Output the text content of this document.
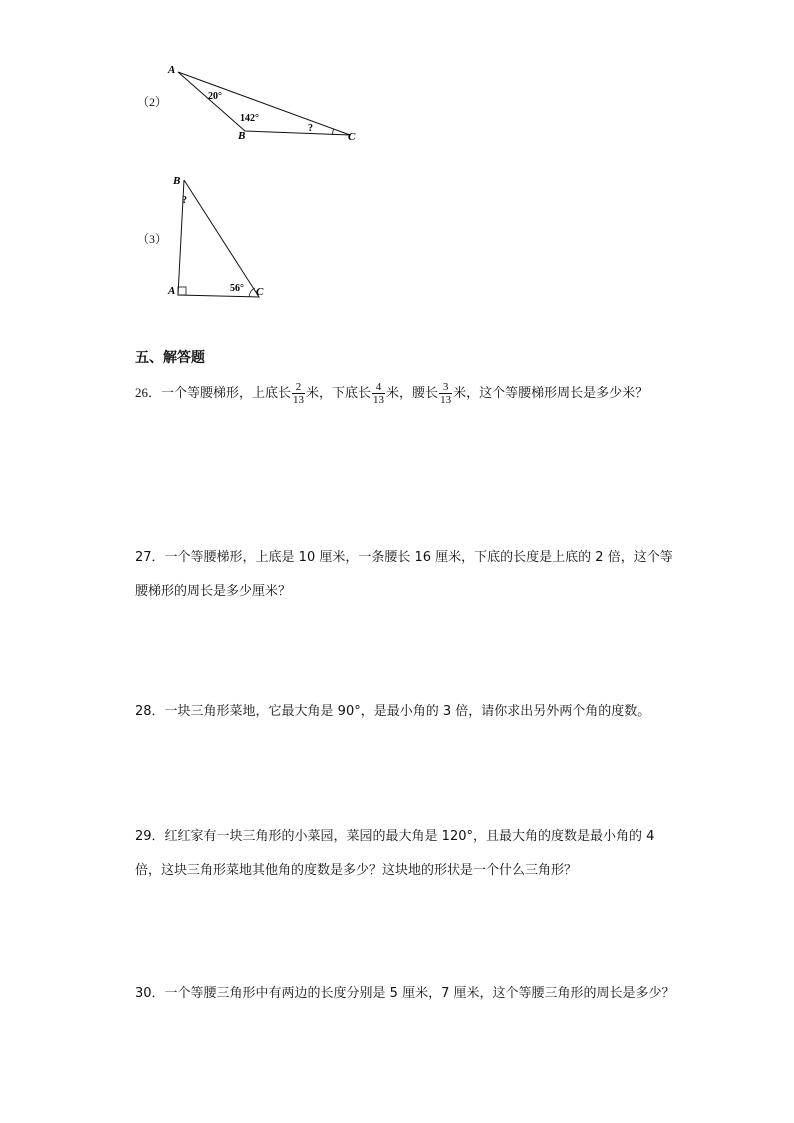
（2）
A
B	C
20°
142°
?
（3）
B
A	C
?
56°
五、解答题
26．一个等腰梯形，上底长 $\frac{2}{13}$ 米，下底长 $\frac{4}{13}$ 米，腰长 $\frac{3}{13}$ 米，这个等腰梯形周长是多少米？
27．一个等腰梯形，上底是 10 厘米，一条腰长 16 厘米，下底的长度是上底的 2 倍，这个等腰梯形的周长是多少厘米？
28．一块三角形菜地，它最大角是 90°，是最小角的 3 倍，请你求出另外两个角的度数。
29．红红家有一块三角形的小菜园，菜园的最大角是 120°，且最大角的度数是最小角的 4 倍，这块三角形菜地其他角的度数是多少？这块地的形状是一个什么三角形？
30．一个等腰三角形中有两边的长度分别是 5 厘米，7 厘米，这个等腰三角形的周长是多少？
